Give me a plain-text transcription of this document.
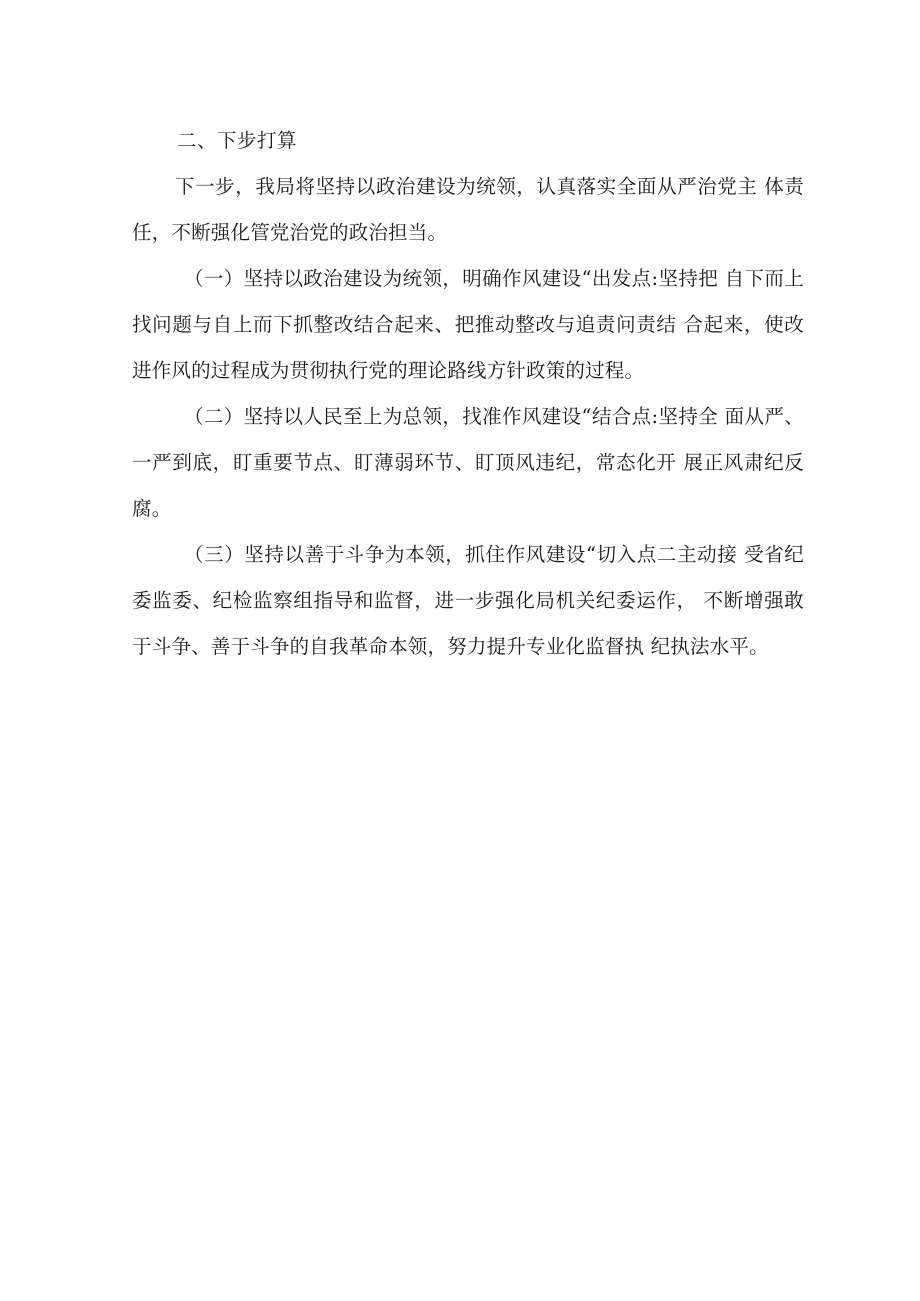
二、下步打算

下一步，我局将坚持以政治建设为统领，认真落实全面从严治党主 体责任，不断强化管党治党的政治担当。

（一）坚持以政治建设为统领，明确作风建设“出发点:坚持把 自下而上找问题与自上而下抓整改结合起来、把推动整改与追责问责结 合起来，使改进作风的过程成为贯彻执行党的理论路线方针政策的过程。

（二）坚持以人民至上为总领，找准作风建设“结合点:坚持全 面从严、一严到底，盯重要节点、盯薄弱环节、盯顶风违纪，常态化开 展正风肃纪反腐。

（三）坚持以善于斗争为本领，抓住作风建设“切入点二主动接 受省纪委监委、纪检监察组指导和监督，进一步强化局机关纪委运作， 不断增强敢于斗争、善于斗争的自我革命本领，努力提升专业化监督执 纪执法水平。
